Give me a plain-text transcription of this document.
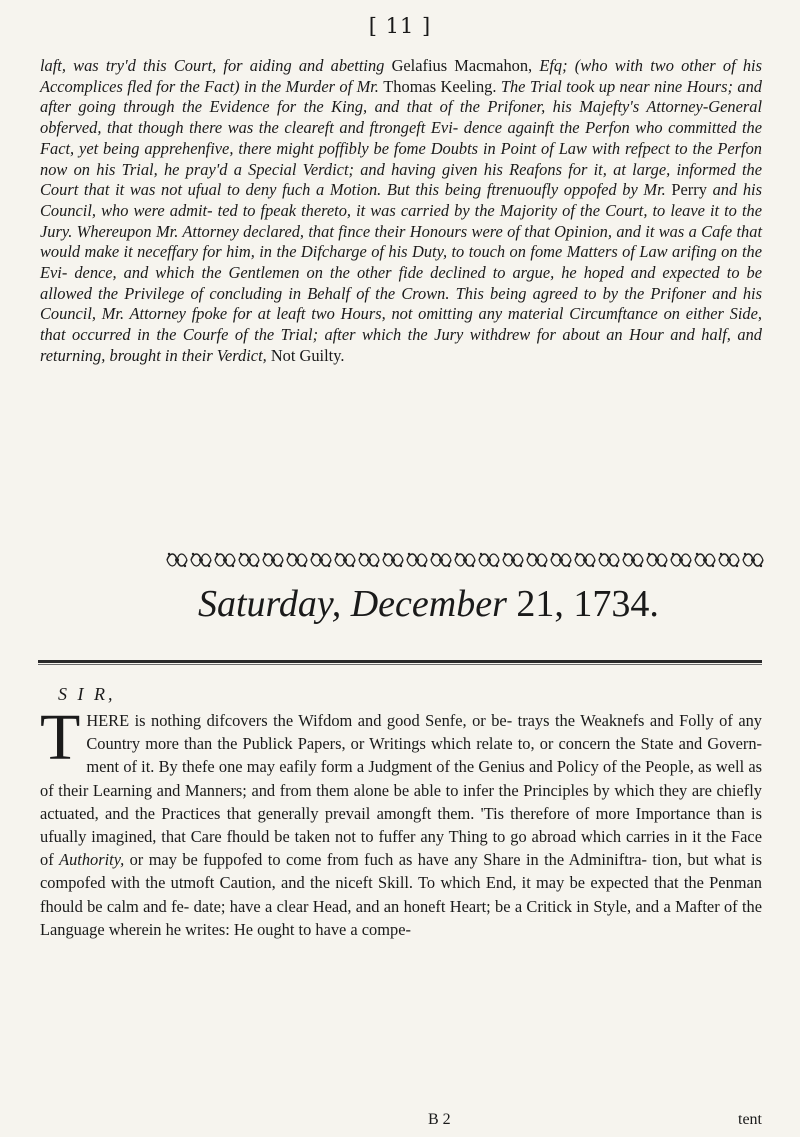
[ 11 ]
laft, was try'd this Court, for aiding and abetting Gelafius Macmahon, Efq; (who with two other of his Accomplices fled for the Fact) in the Murder of Mr. Thomas Keeling. The Trial took up near nine Hours; and after going through the Evidence for the King, and that of the Prifoner, his Majefty's Attorney-General obferved, that though there was the cleareft and ftrongeft Evi- dence againft the Perfon who committed the Fact, yet being apprehenfive, there might poffibly be fome Doubts in Point of Law with refpect to the Perfon now on his Trial, he pray'd a Special Verdict; and having given his Reafons for it, at large, informed the Court that it was not ufual to deny fuch a Motion. But this being ftrenuoufly oppofed by Mr. Perry and his Council, who were admit- ted to fpeak thereto, it was carried by the Majority of the Court, to leave it to the Jury. Whereupon Mr. Attorney declared, that fince their Honours were of that Opinion, and it was a Cafe that would make it neceffary for him, in the Difcharge of his Duty, to touch on fome Matters of Law arifing on the Evi- dence, and which the Gentlemen on the other fide declined to argue, he hoped and expected to be allowed the Privilege of concluding in Behalf of the Crown. This being agreed to by the Prifoner and his Council, Mr. Attorney fpoke for at leaft two Hours, not omitting any material Circumftance on either Side, that occurred in the Courfe of the Trial; after which the Jury withdrew for about an Hour and half, and returning, brought in their Verdict, Not Guilty.
Saturday, December 21, 1734.
S I R,
T HERE is nothing difcovers the Wifdom and good Senfe, or be- trays the Weaknefs and Folly of any Country more than the Publick Papers, or Writings which relate to, or concern the State and Govern- ment of it. By thefe one may eafily form a Judgment of the Genius and Policy of the People, as well as of their Learning and Manners; and from them alone be able to infer the Principles by which they are chiefly actuated, and the Practices that generally prevail amongft them. 'Tis therefore of more Importance than is ufually imagined, that Care fhould be taken not to fuffer any Thing to go abroad which carries in it the Face of Authority, or may be fuppofed to come from fuch as have any Share in the Adminiftra- tion, but what is compofed with the utmoft Caution, and the niceft Skill. To which End, it may be expected that the Penman fhould be calm and fe- date; have a clear Head, and an honeft Heart; be a Critick in Style, and a Mafter of the Language wherein he writes: He ought to have a compe-
B 2	tent
